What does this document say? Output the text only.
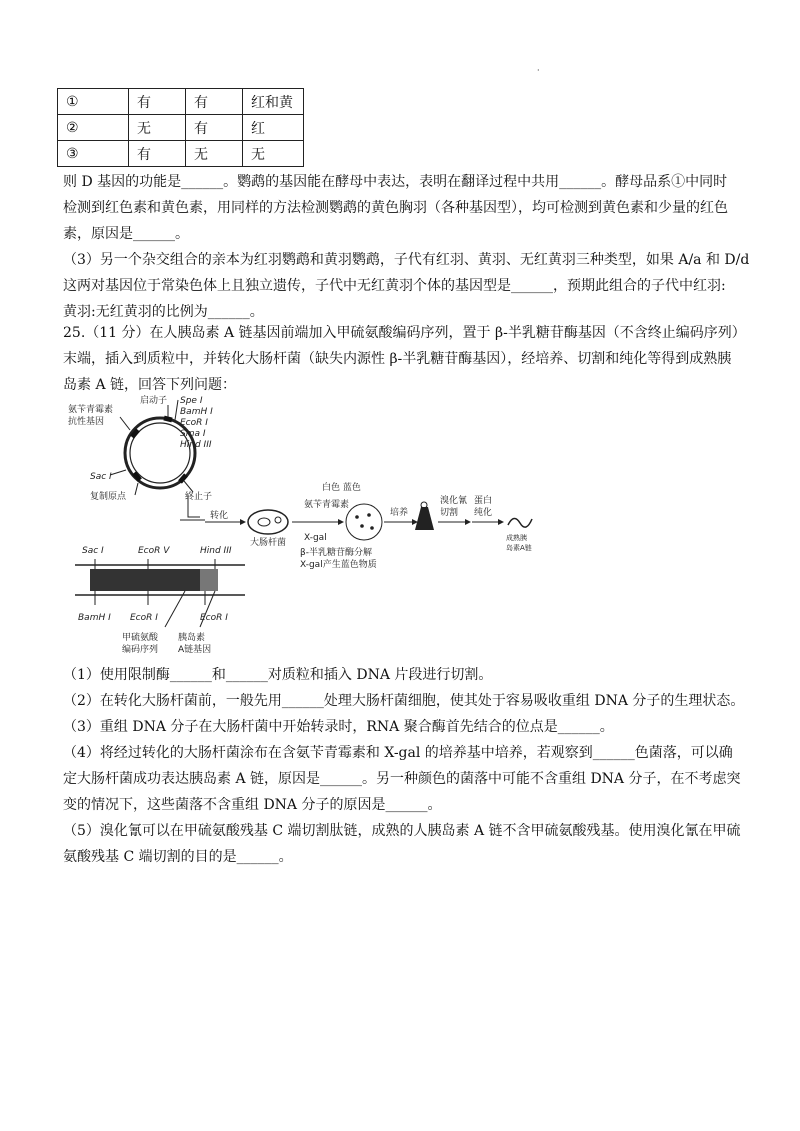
·
①	有	有	红和黄
②	无	有	红
③	有	无	无
则 D 基因的功能是______。鹦鹉的基因能在酵母中表达，表明在翻译过程中共用______。酵母品系①中同时
检测到红色素和黄色素，用同样的方法检测鹦鹉的黄色胸羽（各种基因型），均可检测到黄色素和少量的红色
素，原因是______。
（3）另一个杂交组合的亲本为红羽鹦鹉和黄羽鹦鹉，子代有红羽、黄羽、无红黄羽三种类型，如果 A/a 和 D/d
这两对基因位于常染色体上且独立遗传，子代中无红黄羽个体的基因型是______，预期此组合的子代中红羽:
黄羽:无红黄羽的比例为______。
25.（11 分）在人胰岛素 A 链基因前端加入甲硫氨酸编码序列，置于 β-半乳糖苷酶基因（不含终止编码序列）
末端，插入到质粒中，并转化大肠杆菌（缺失内源性 β-半乳糖苷酶基因），经培养、切割和纯化等得到成熟胰
岛素 A 链，回答下列问题：
氨苄青霉素
抗性基因
启动子 Spe I
BamH I
EcoR I
Sma I
Hind III
Sac I
复制原点	终止子
转化
Sac I	EcoR V	Hind III
BamH I EcoR I	EcoR I
甲硫氨酸
编码序列
胰岛素
A链基因
大肠杆菌
氨苄青霉素
X-gal
白色 蓝色
β-半乳糖苷酶分解
X-gal产生蓝色物质
培养
溴化氰
切割
蛋白
纯化
成熟胰
岛素A链
（1）使用限制酶______和______对质粒和插入 DNA 片段进行切割。
（2）在转化大肠杆菌前，一般先用______处理大肠杆菌细胞，使其处于容易吸收重组 DNA 分子的生理状态。
（3）重组 DNA 分子在大肠杆菌中开始转录时，RNA 聚合酶首先结合的位点是______。
（4）将经过转化的大肠杆菌涂布在含氨苄青霉素和 X-gal 的培养基中培养，若观察到______色菌落，可以确
定大肠杆菌成功表达胰岛素 A 链，原因是______。另一种颜色的菌落中可能不含重组 DNA 分子，在不考虑突
变的情况下，这些菌落不含重组 DNA 分子的原因是______。
（5）溴化氰可以在甲硫氨酸残基 C 端切割肽链，成熟的人胰岛素 A 链不含甲硫氨酸残基。使用溴化氰在甲硫
氨酸残基 C 端切割的目的是______。
